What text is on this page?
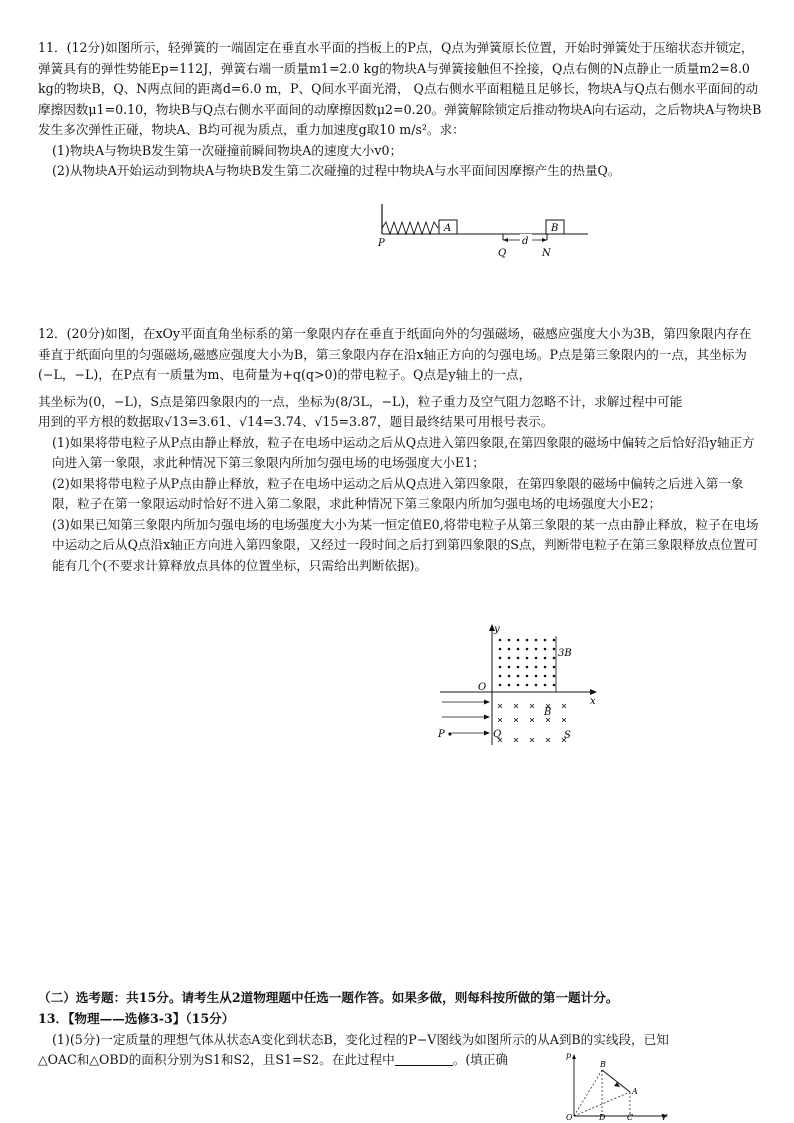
11．(12分)如图所示，轻弹簧的一端固定在垂直水平面的挡板上的P点，Q点为弹簧原长位置，开始时弹簧处于压缩状态并锁定，弹簧具有的弹性势能Ep=112J，弹簧右端一质量m1=2.0 kg的物块A与弹簧接触但不拴接，Q点右侧的N点静止一质量m2=8.0 kg的物块B，Q、N两点间的距离d=6.0 m，P、Q间水平面光滑， Q点右侧水平面粗糙且足够长，物块A与Q点右侧水平面间的动摩擦因数μ1=0.10，物块B与Q点右侧水平面间的动摩擦因数μ2=0.20。弹簧解除锁定后推动物块A向右运动，之后物块A与物块B发生多次弹性正碰，物块A、B均可视为质点，重力加速度g取10 m/s²。求：

(1)物块A与物块B发生第一次碰撞前瞬间物块A的速度大小v0；

(2)从物块A开始运动到物块A与物块B发生第二次碰撞的过程中物块A与水平面间因摩擦产生的热量Q。

A	B
d
P
Q	N

12．(20分)如图，在xOy平面直角坐标系的第一象限内存在垂直于纸面向外的匀强磁场，磁感应强度大小为3B，第四象限内存在垂直于纸面向里的匀强磁场,磁感应强度大小为B，第三象限内存在沿x轴正方向的匀强电场。P点是第三象限内的一点，其坐标为(−L，−L)，在P点有一质量为m、电荷量为+q(q>0)的带电粒子。Q点是y轴上的一点，

其坐标为(0，−L)，S点是第四象限内的一点，坐标为(8/3L，−L)，粒子重力及空气阻力忽略不计，求解过程中可能

用到的平方根的数据取√13=3.61、√14=3.74、√15=3.87，题目最终结果可用根号表示。

(1)如果将带电粒子从P点由静止释放，粒子在电场中运动之后从Q点进入第四象限,在第四象限的磁场中偏转之后恰好沿y轴正方向进入第一象限，求此种情况下第三象限内所加匀强电场的电场强度大小E1；

(2)如果将带电粒子从P点由静止释放，粒子在电场中运动之后从Q点进入第四象限，在第四象限的磁场中偏转之后进入第一象限，粒子在第一象限运动时恰好不进入第二象限，求此种情况下第三象限内所加匀强电场的电场强度大小E2；

(3)如果已知第三象限内所加匀强电场的电场强度大小为某一恒定值E0,将带电粒子从第三象限的某一点由静止释放，粒子在电场中运动之后从Q点沿x轴正方向进入第四象限，又经过一段时间之后打到第四象限的S点，判断带电粒子在第三象限释放点位置可能有几个(不要求计算释放点具体的位置坐标，只需给出判断依据)。

y
x
O
3B
B
P	Q	S

（二）选考题：共15分。请考生从2道物理题中任选一题作答。如果多做，则每科按所做的第一题计分。

13．【物理——选修3-3】（15分）

(1)(5分)一定质量的理想气体从状态A变化到状态B，变化过程的P−V图线为如图所示的从A到B的实线段，已知

△OAC和△OBD的面积分别为S1和S2，且S1=S2。在此过程中	。(填正确	p
B
A
O	D	C	V
